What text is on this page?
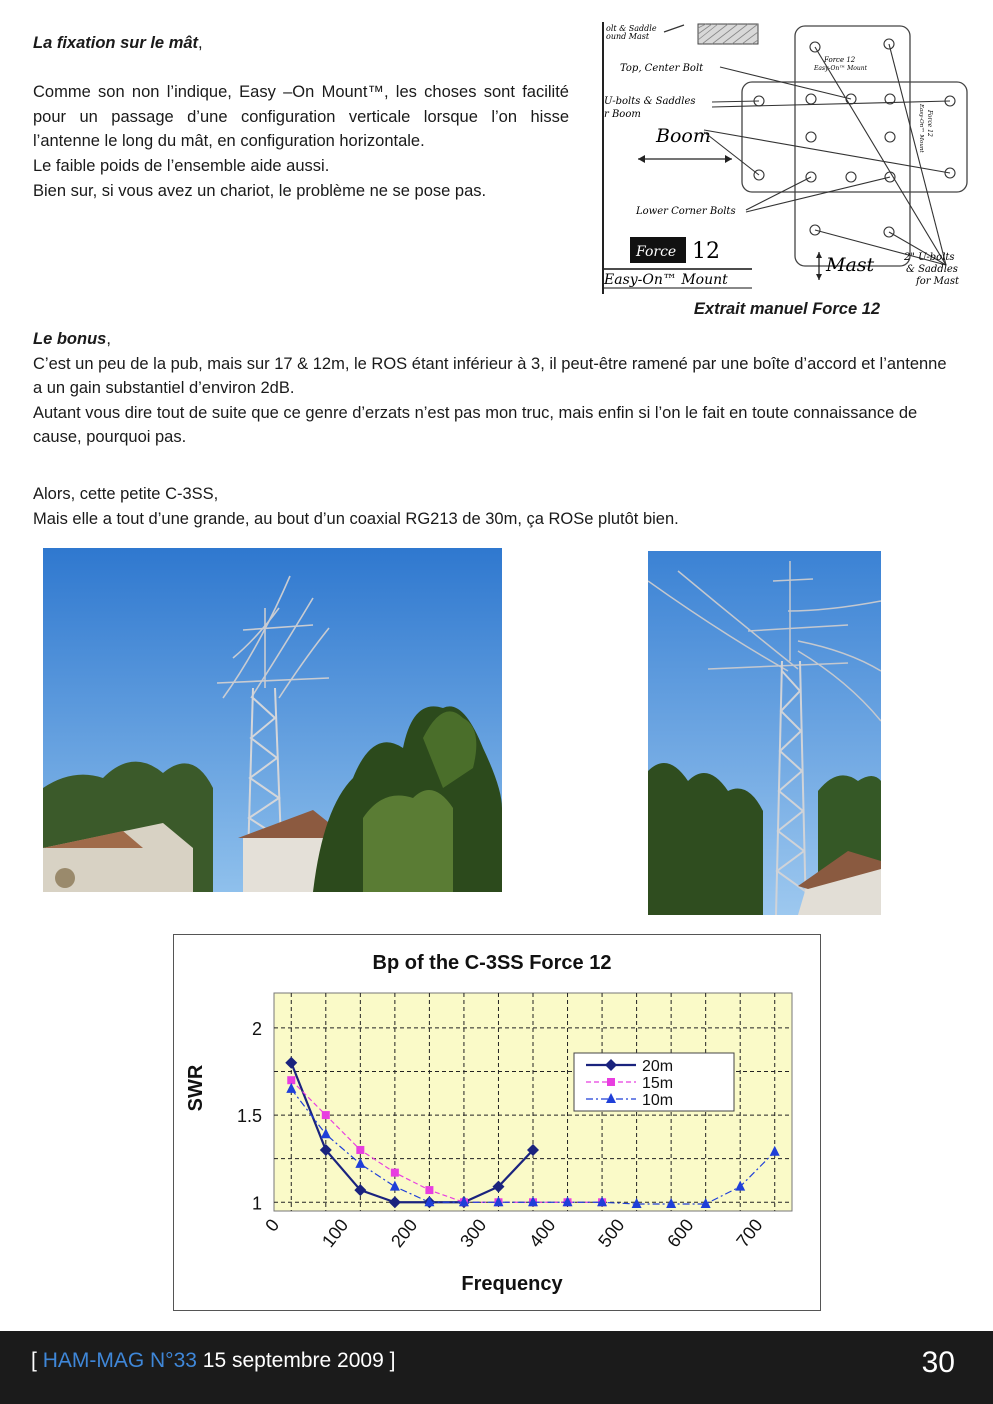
La fixation sur le mât,

Comme son non l’indique, Easy –On Mount™, les choses sont facilité pour un passage d’une configuration verticale lorsque l’on hisse l’antenne le long du mât, en configuration horizontale.

Le faible poids de l’ensemble aide aussi.

Bien sur, si vous avez un chariot, le problème ne se pose pas.

olt & Saddle
ound Mast
Force 12
Easy-On™ Mount
Force 12
Easy-On™ Mount
Top, Center Bolt
U-bolts & Saddles
r Boom
Boom
Lower Corner Bolts
Force 12
Easy-On™ Mount
Mast	2" U-bolts
& Saddles
for Mast
Extrait manuel Force 12

Le bonus,

C’est un peu de la pub, mais sur 17 & 12m, le ROS étant inférieur à 3, il peut-être ramené par une boîte d’accord et l’antenne a un gain substantiel d’environ 2dB.

Autant vous dire tout de suite que ce genre d’erzats n’est pas mon truc, mais enfin si l’on le fait en toute connaissance de cause, pourquoi pas.

Alors, cette petite C-3SS,

Mais elle a tout d’une grande, au bout d’un coaxial RG213 de 30m, ça ROSe plutôt bien.

Bp of the C-3SS Force 12
SWR
Frequency
1
1.5
2
0 100 200 300 400 500 600 700
20m
15m
10m
[ HAM-MAG N°33 15 septembre 2009 ]	30
